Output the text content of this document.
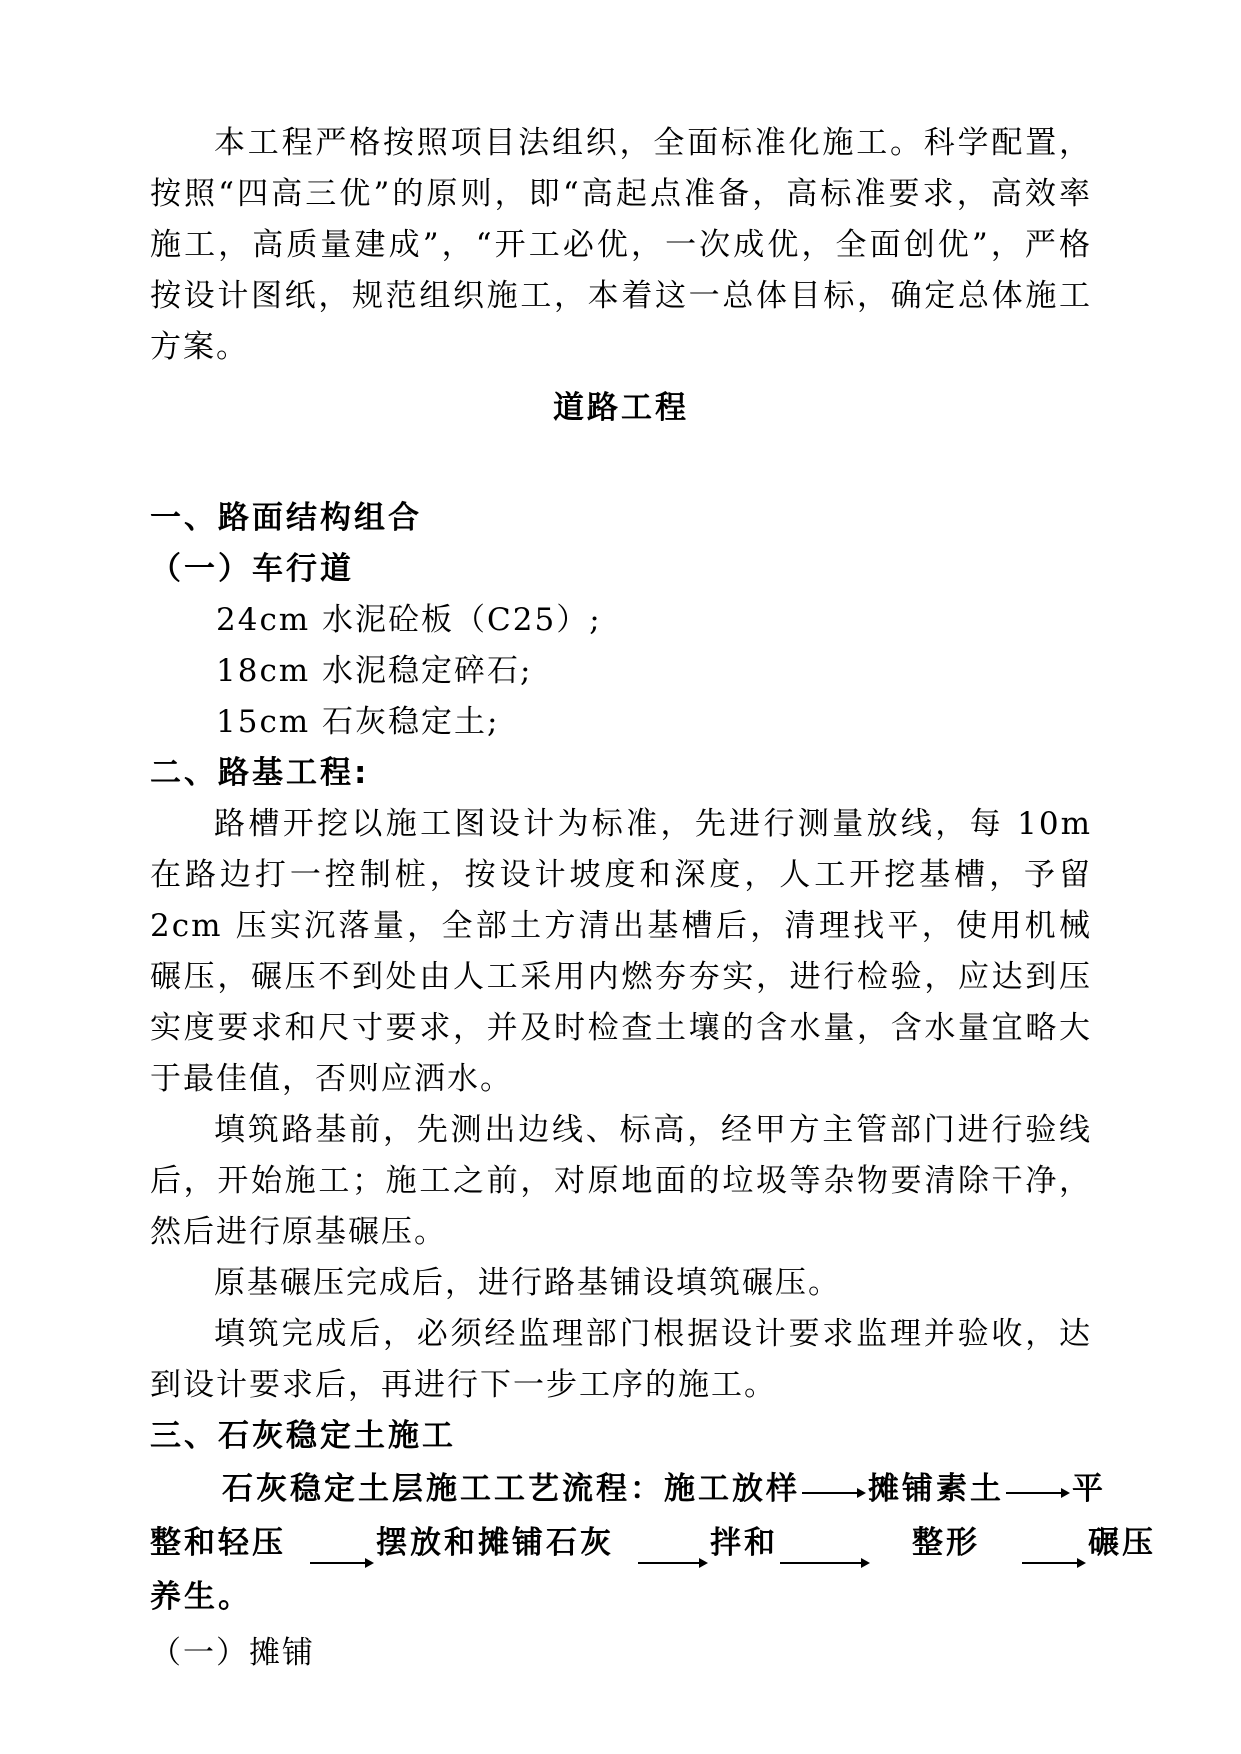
本工程严格按照项目法组织，全面标准化施工。科学配置，按照“四高三优”的原则，即“高起点准备，高标准要求，高效率施工，高质量建成”，“开工必优，一次成优，全面创优”，严格按设计图纸，规范组织施工，本着这一总体目标，确定总体施工方案。

道路工程

一、路面结构组合

（一）车行道

24cm 水泥砼板（C25）;

18cm 水泥稳定碎石;

15cm 石灰稳定土;

二、路基工程:

路槽开挖以施工图设计为标准，先进行测量放线，每 10m 在路边打一控制桩，按设计坡度和深度，人工开挖基槽，予留 2cm 压实沉落量，全部土方清出基槽后，清理找平，使用机械碾压，碾压不到处由人工采用内燃夯夯实，进行检验，应达到压实度要求和尺寸要求，并及时检查土壤的含水量，含水量宜略大于最佳值，否则应洒水。

填筑路基前，先测出边线、标高，经甲方主管部门进行验线后，开始施工；施工之前，对原地面的垃圾等杂物要清除干净，然后进行原基碾压。

原基碾压完成后，进行路基铺设填筑碾压。

填筑完成后，必须经监理部门根据设计要求监理并验收，达到设计要求后，再进行下一步工序的施工。

三、石灰稳定土施工

石灰稳定土层施工工艺流程：施工放样 摊铺素土 平
整和轻压	摆放和摊铺石灰	拌和	整形	碾压
养生。

（一）摊铺
